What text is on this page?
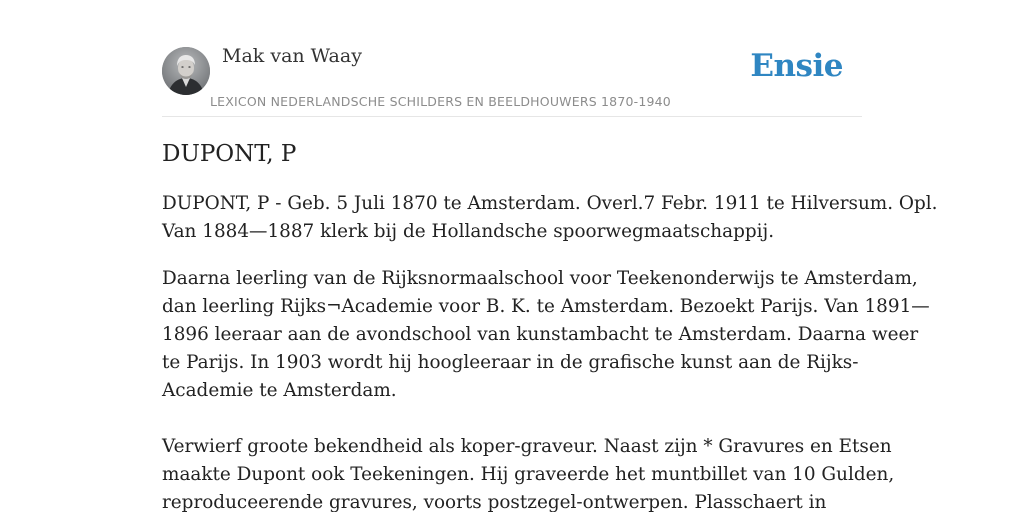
Mak van Waay
LEXICON NEDERLANDSCHE SCHILDERS EN BEELDHOUWERS 1870-1940
Ensie
DUPONT, P
DUPONT, P - Geb. 5 Juli 1870 te Amsterdam. Overl.7 Febr. 1911 te Hilversum. Opl.
Van 1884—1887 klerk bij de Hollandsche spoorwegmaatschappij.
Daarna leerling van de Rijksnormaalschool voor Teekenonderwijs te Amsterdam,
dan leerling Rijks¬Academie voor B. K. te Amsterdam. Bezoekt Parijs. Van 1891—
1896 leeraar aan de avondschool van kunstambacht te Amsterdam. Daarna weer
te Parijs. In 1903 wordt hij hoogleeraar in de grafische kunst aan de Rijks-
Academie te Amsterdam.
Verwierf groote bekendheid als koper-graveur. Naast zijn * Gravures en Etsen
maakte Dupont ook Teekeningen. Hij graveerde het muntbillet van 10 Gulden,
reproduceerende gravures, voorts postzegel-ontwerpen. Plasschaert in
